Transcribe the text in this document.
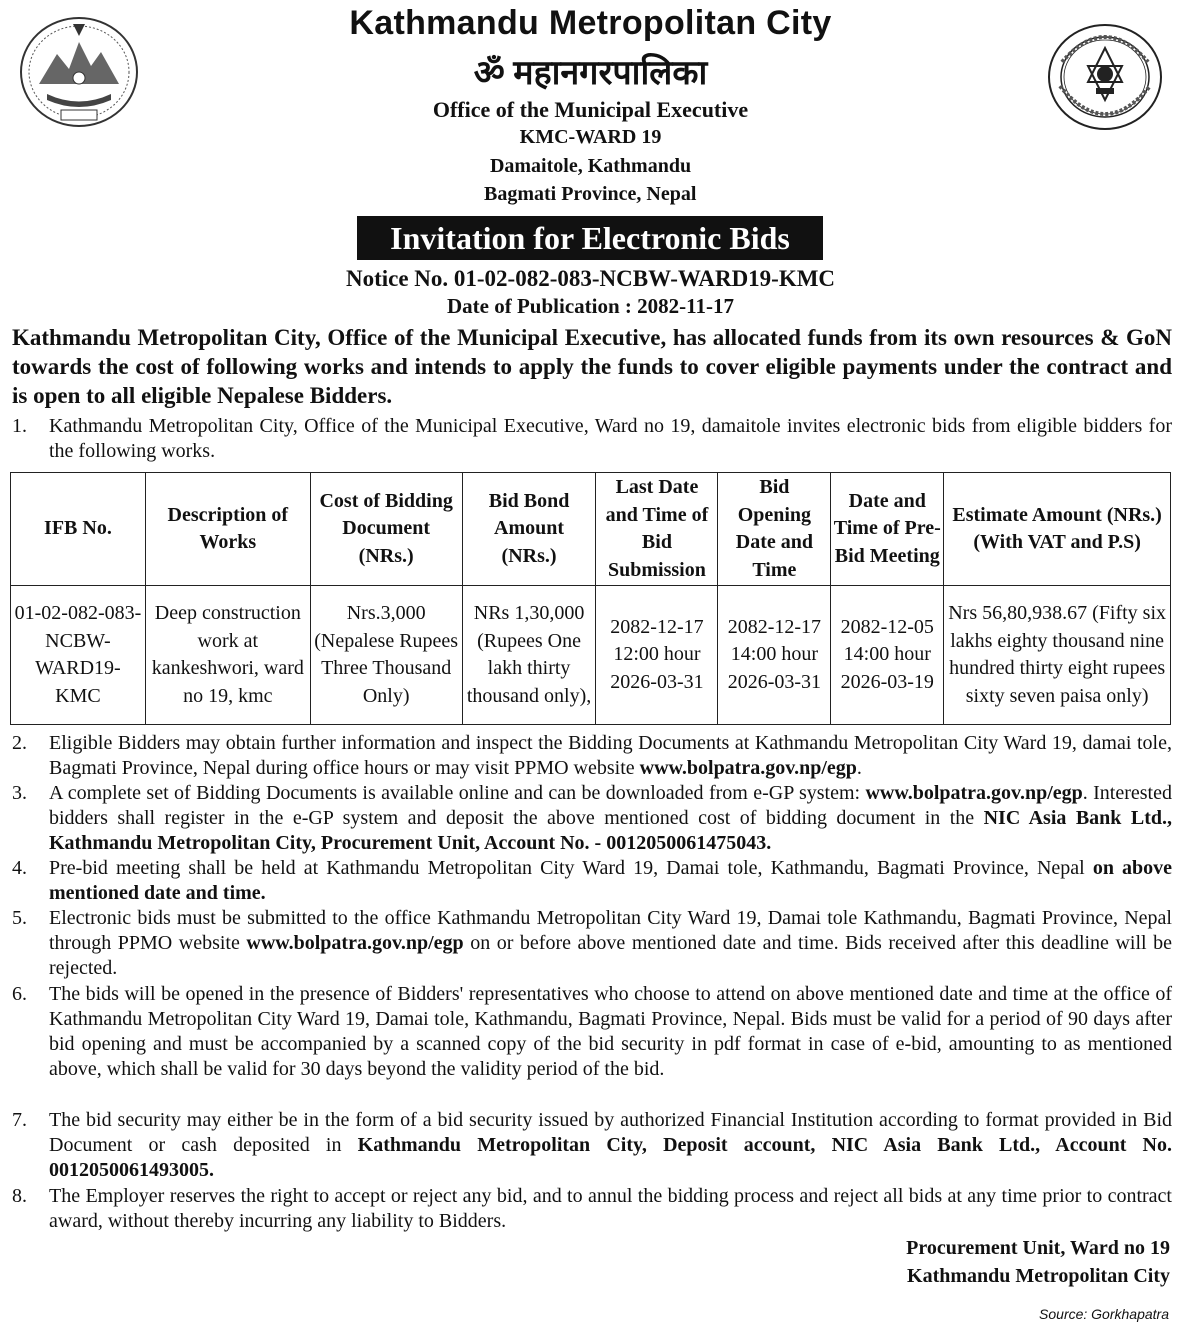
Kathmandu Metropolitan City
ॐ महानगरपालिका
Office of the Municipal Executive
KMC-WARD 19
Damaitole, Kathmandu
Bagmati Province, Nepal
Invitation for Electronic Bids
Notice No. 01-02-082-083-NCBW-WARD19-KMC
Date of Publication : 2082-11-17
Kathmandu Metropolitan City, Office of the Municipal Executive, has allocated funds from its own resources & GoN towards the cost of following works and intends to apply the funds to cover eligible payments under the contract and is open to all eligible Nepalese Bidders.
1. Kathmandu Metropolitan City, Office of the Municipal Executive, Ward no 19, damaitole invites electronic bids from eligible bidders for the following works.
IFB No.	Description of Works	Cost of Bidding Document (NRs.)	Bid Bond Amount (NRs.)	Last Date and Time of Bid Submission	Bid Opening Date and Time	Date and Time of Pre-Bid Meeting	Estimate Amount (NRs.) (With VAT and P.S)
01-02-082-083-NCBW-WARD19-KMC	Deep construction work at kankeshwori, ward no 19, kmc	Nrs.3,000 (Nepalese Rupees Three Thousand Only)	NRs 1,30,000 (Rupees One lakh thirty thousand only),	2082-12-17 12:00 hour 2026-03-31	2082-12-17 14:00 hour 2026-03-31	2082-12-05 14:00 hour 2026-03-19	Nrs 56,80,938.67 (Fifty six lakhs eighty thousand nine hundred thirty eight rupees sixty seven paisa only)
2. Eligible Bidders may obtain further information and inspect the Bidding Documents at Kathmandu Metropolitan City Ward 19, damai tole, Bagmati Province, Nepal during office hours or may visit PPMO website www.bolpatra.gov.np/egp.
3. A complete set of Bidding Documents is available online and can be downloaded from e-GP system: www.bolpatra.gov.np/egp. Interested bidders shall register in the e-GP system and deposit the above mentioned cost of bidding document in the NIC Asia Bank Ltd., Kathmandu Metropolitan City, Procurement Unit, Account No. - 0012050061475043.
4. Pre-bid meeting shall be held at Kathmandu Metropolitan City Ward 19, Damai tole, Kathmandu, Bagmati Province, Nepal on above mentioned date and time.
5. Electronic bids must be submitted to the office Kathmandu Metropolitan City Ward 19, Damai tole Kathmandu, Bagmati Province, Nepal through PPMO website www.bolpatra.gov.np/egp on or before above mentioned date and time. Bids received after this deadline will be rejected.
6. The bids will be opened in the presence of Bidders' representatives who choose to attend on above mentioned date and time at the office of Kathmandu Metropolitan City Ward 19, Damai tole, Kathmandu, Bagmati Province, Nepal. Bids must be valid for a period of 90 days after bid opening and must be accompanied by a scanned copy of the bid security in pdf format in case of e-bid, amounting to as mentioned above, which shall be valid for 30 days beyond the validity period of the bid.
7. The bid security may either be in the form of a bid security issued by authorized Financial Institution according to format provided in Bid Document or cash deposited in Kathmandu Metropolitan City, Deposit account, NIC Asia Bank Ltd., Account No. 0012050061493005.
8. The Employer reserves the right to accept or reject any bid, and to annul the bidding process and reject all bids at any time prior to contract award, without thereby incurring any liability to Bidders.
Procurement Unit, Ward no 19
Kathmandu Metropolitan City
Source: Gorkhapatra
